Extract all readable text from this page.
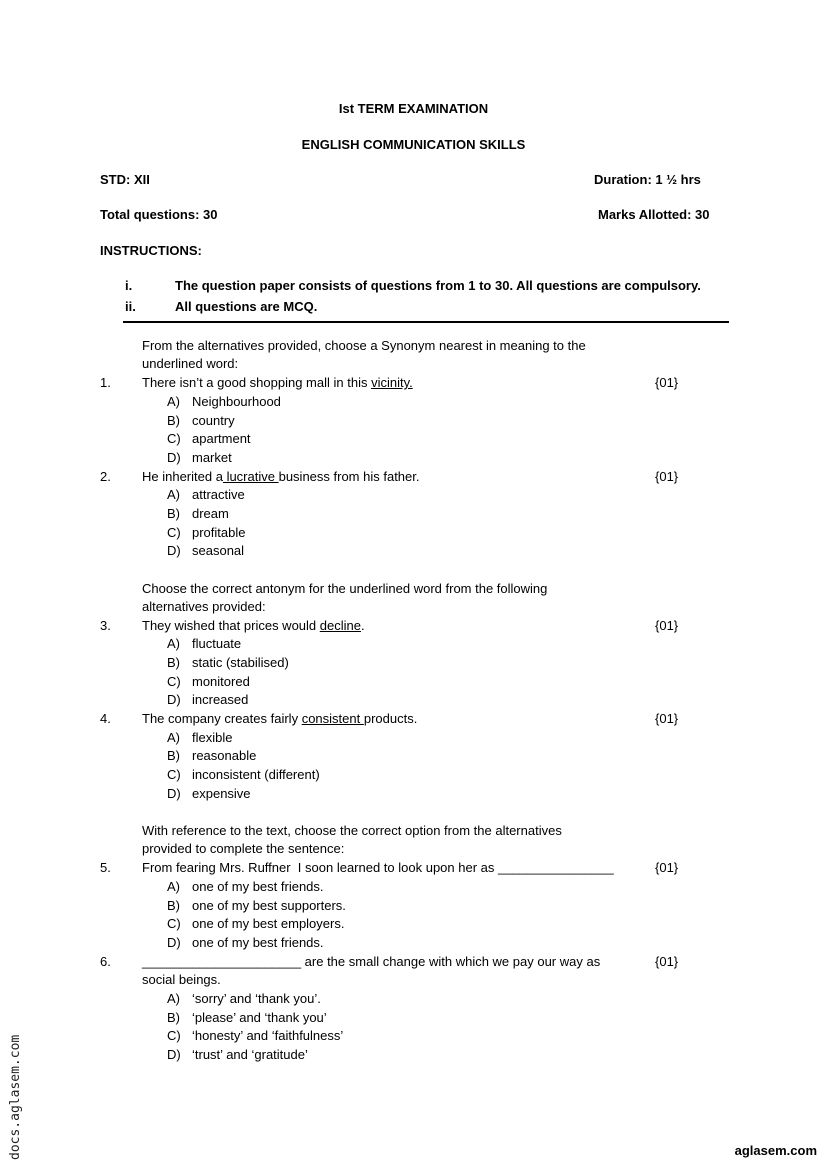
Ist TERM EXAMINATION
ENGLISH COMMUNICATION SKILLS
STD: XII	Duration: 1 ½ hrs
Total questions: 30	Marks Allotted: 30
INSTRUCTIONS:
i.	The question paper consists of questions from 1 to 30. All questions are compulsory.
ii.	All questions are MCQ.
From the alternatives provided, choose a Synonym nearest in meaning to the
underlined word:
1. There isn’t a good shopping mall in this vicinity.	{01}
A) Neighbourhood
B) country
C) apartment
D) market
2. He inherited a lucrative business from his father.	{01}
A) attractive
B) dream
C) profitable
D) seasonal
Choose the correct antonym for the underlined word from the following
alternatives provided:
3. They wished that prices would decline.	{01}
A) fluctuate
B) static (stabilised)
C) monitored
D) increased
4. The company creates fairly consistent products.	{01}
A) flexible
B) reasonable
C) inconsistent (different)
D) expensive
With reference to the text, choose the correct option from the alternatives
provided to complete the sentence:
5. From fearing Mrs. Ruffner  I soon learned to look upon her as ________________	{01}
A) one of my best friends.
B) one of my best supporters.
C) one of my best employers.
D) one of my best friends.
6. ______________________ are the small change with which we pay our way as
social beings.
{01}
A) ‘sorry’ and ‘thank you’.
B) ‘please’ and ‘thank you’
C) ‘honesty’ and ‘faithfulness’
D) ‘trust’ and ‘gratitude’
docs.aglasem.com	aglasem.com
